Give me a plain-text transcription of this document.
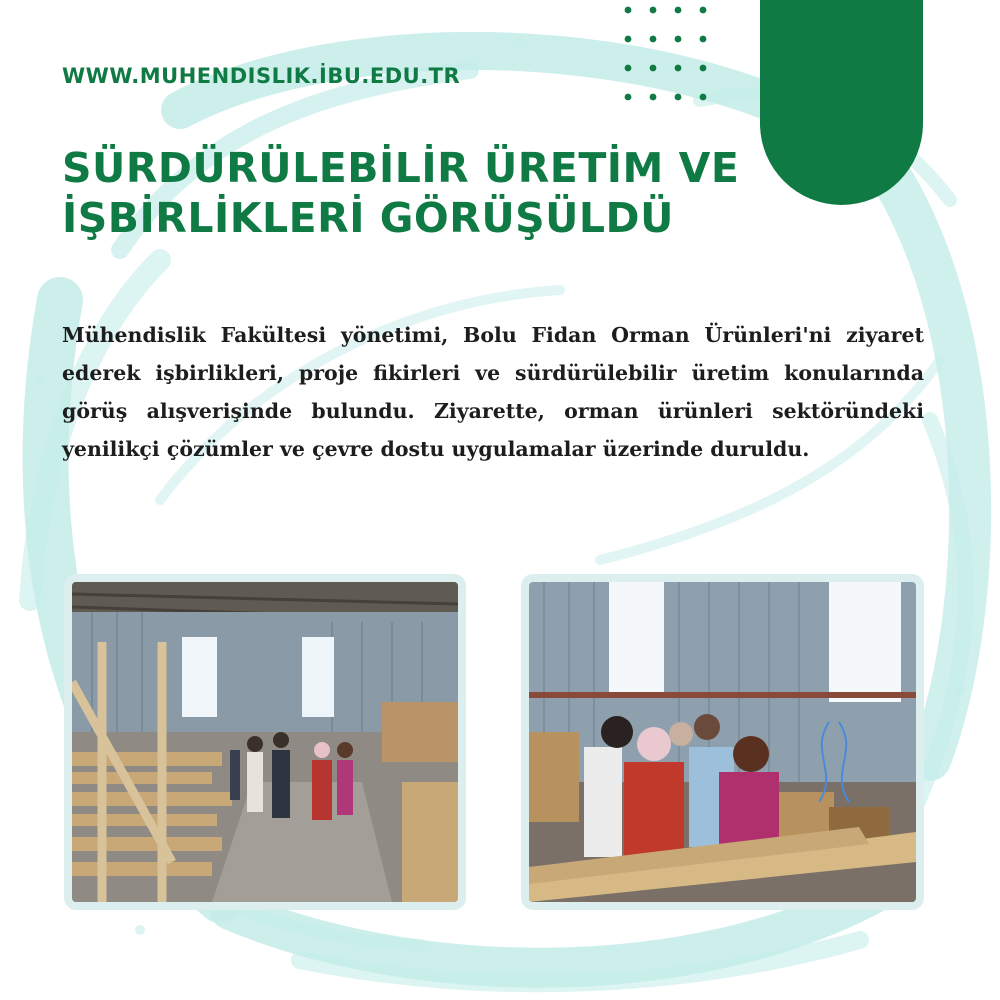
WWW.MUHENDISLIK.İBU.EDU.TR

SÜRDÜRÜLEBİLİR ÜRETİM VE
İŞBİRLİKLERİ GÖRÜŞÜLDÜ

Mühendislik Fakültesi yönetimi, Bolu Fidan Orman Ürünleri'ni ziyaret ederek işbirlikleri, proje fikirleri ve sürdürülebilir üretim konularında görüş alışverişinde bulundu. Ziyarette, orman ürünleri sektöründeki yenilikçi çözümler ve çevre dostu uygulamalar üzerinde duruldu.
